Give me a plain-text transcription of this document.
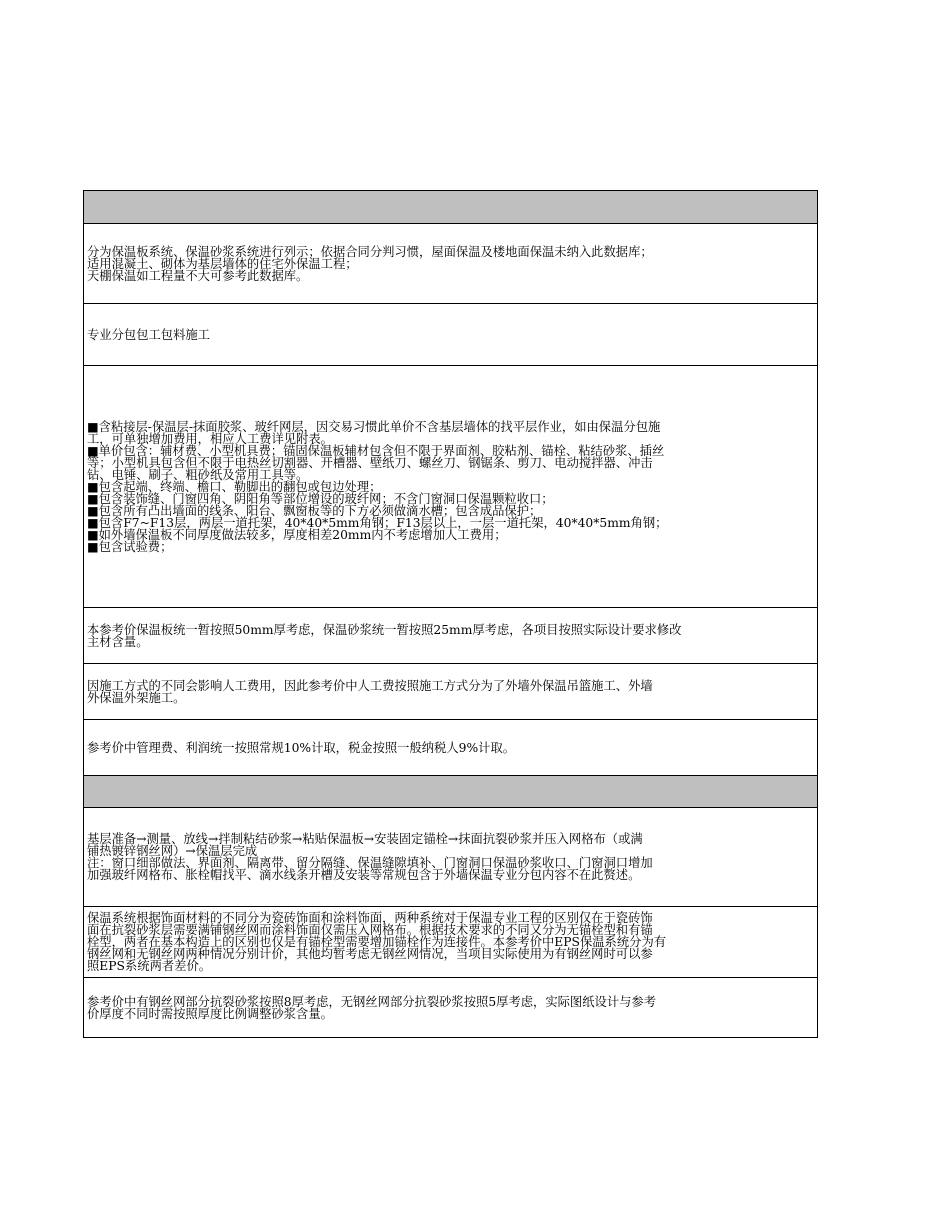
分为保温板系统、保温砂浆系统进行列示；依据合同分判习惯，屋面保温及楼地面保温未纳入此数据库；
适用混凝土、砌体为基层墙体的住宅外保温工程；
天棚保温如工程量不大可参考此数据库。
专业分包包工包料施工
■含粘接层-保温层-抹面胶浆、玻纤网层，因交易习惯此单价不含基层墙体的找平层作业，如由保温分包施
工，可单独增加费用，相应人工费详见附表。
■单价包含：辅材费、小型机具费；锚固保温板辅材包含但不限于界面剂、胶粘剂、锚栓、粘结砂浆、插丝
等；小型机具包含但不限于电热丝切割器、开槽器、壁纸刀、螺丝刀、钢锯条、剪刀、电动搅拌器、冲击
钻、电锤、刷子、粗砂纸及常用工具等。
■包含起端、终端、檐口、勒脚出的翻包或包边处理；
■包含装饰缝、门窗四角、阴阳角等部位增设的玻纤网；不含门窗洞口保温颗粒收口；
■包含所有凸出墙面的线条、阳台、飘窗板等的下方必须做滴水槽；包含成品保护；
■包含F7~F13层，两层一道托架，40*40*5mm角钢；F13层以上，一层一道托架，40*40*5mm角钢；
■如外墙保温板不同厚度做法较多，厚度相差20mm内不考虑增加人工费用；
■包含试验费；
本参考价保温板统一暂按照50mm厚考虑，保温砂浆统一暂按照25mm厚考虑，各项目按照实际设计要求修改
主材含量。
因施工方式的不同会影响人工费用，因此参考价中人工费按照施工方式分为了外墙外保温吊篮施工、外墙
外保温外架施工。
参考价中管理费、利润统一按照常规10%计取，税金按照一般纳税人9%计取。
基层准备→测量、放线→拌制粘结砂浆→粘贴保温板→安装固定锚栓→抹面抗裂砂浆并压入网格布（或满
铺热镀锌钢丝网）→保温层完成
注：窗口细部做法、界面剂、隔离带、留分隔缝、保温缝隙填补、门窗洞口保温砂浆收口、门窗洞口增加
加强玻纤网格布、胀栓帽找平、滴水线条开槽及安装等常规包含于外墙保温专业分包内容不在此赘述。
保温系统根据饰面材料的不同分为瓷砖饰面和涂料饰面，两种系统对于保温专业工程的区别仅在于瓷砖饰
面在抗裂砂浆层需要满铺钢丝网而涂料饰面仅需压入网格布。根据技术要求的不同又分为无锚栓型和有锚
栓型，两者在基本构造上的区别也仅是有锚栓型需要增加锚栓作为连接件。本参考价中EPS保温系统分为有
钢丝网和无钢丝网两种情况分别计价，其他均暂考虑无钢丝网情况，当项目实际使用为有钢丝网时可以参
照EPS系统两者差价。
参考价中有钢丝网部分抗裂砂浆按照8厚考虑，无钢丝网部分抗裂砂浆按照5厚考虑，实际图纸设计与参考
价厚度不同时需按照厚度比例调整砂浆含量。
